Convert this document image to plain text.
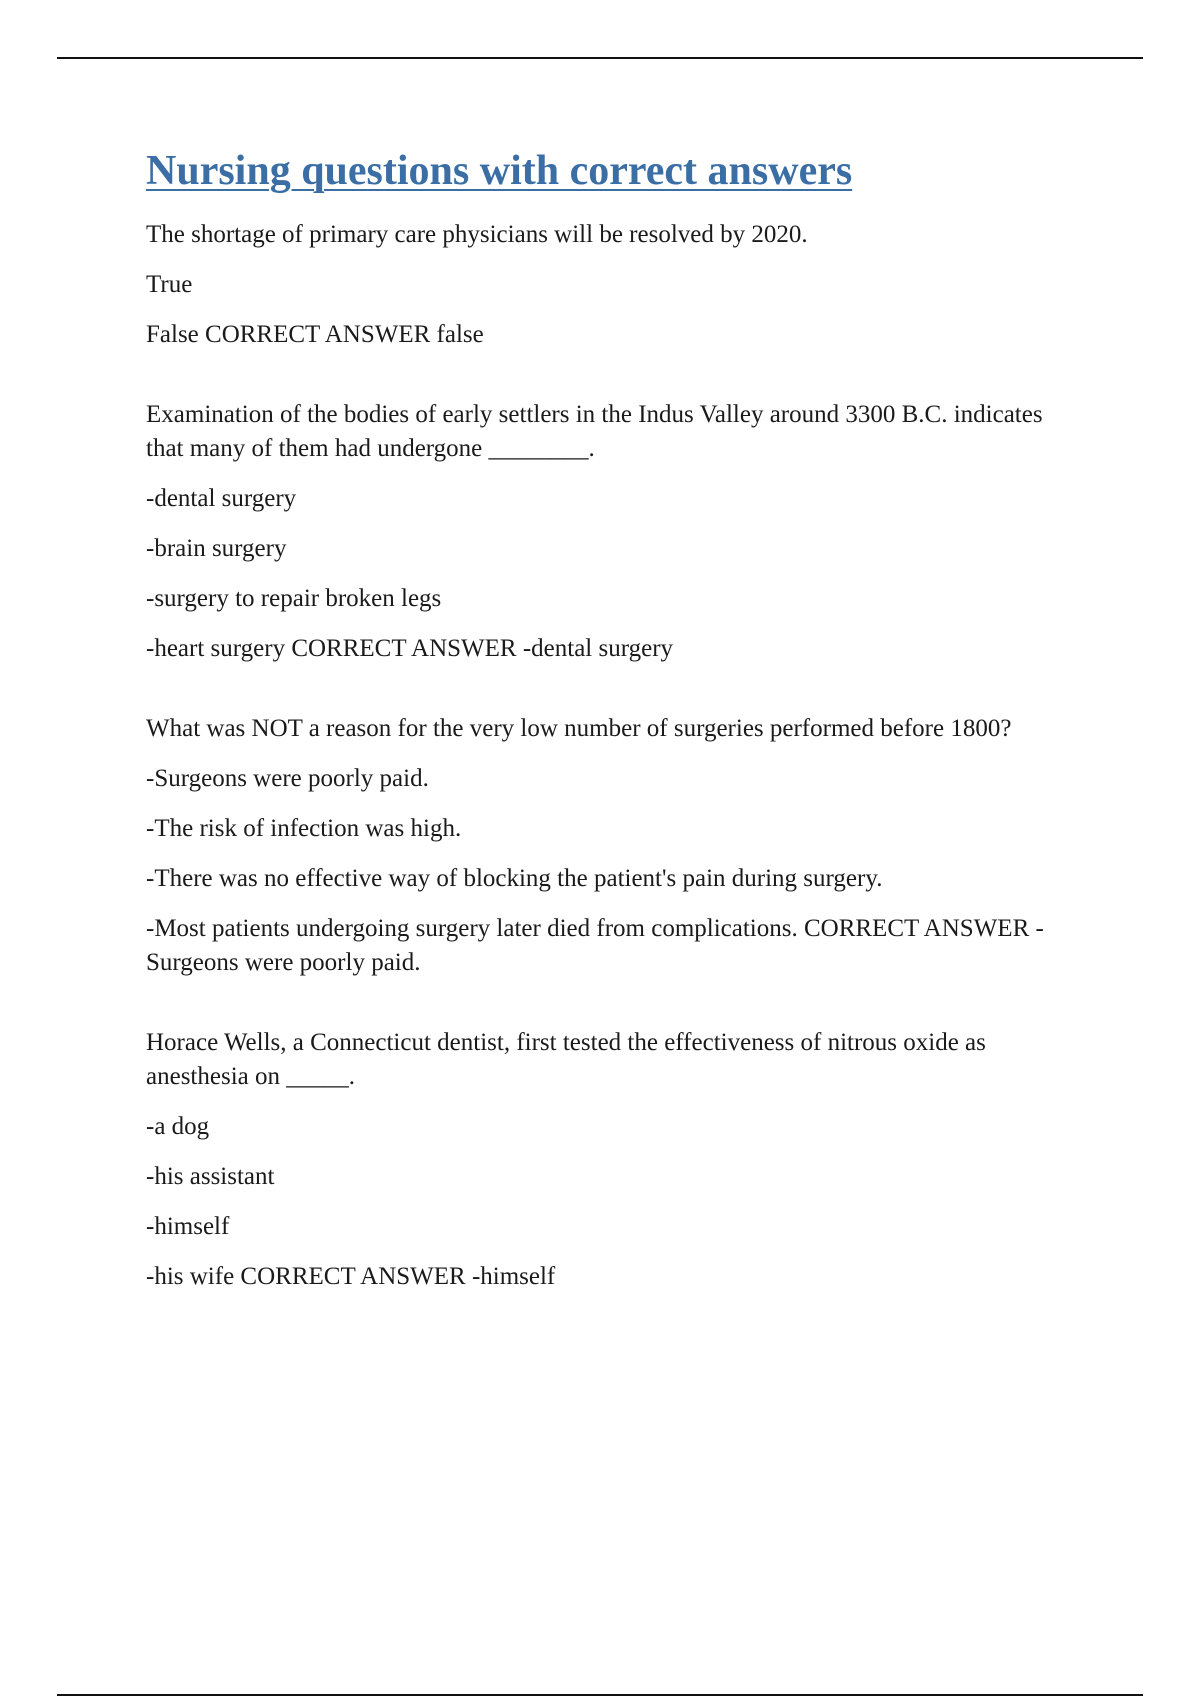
Nursing questions with correct answers

The shortage of primary care physicians will be resolved by 2020.

True

False CORRECT ANSWER false

Examination of the bodies of early settlers in the Indus Valley around 3300 B.C. indicates that many of them had undergone ________.

-dental surgery

-brain surgery

-surgery to repair broken legs

-heart surgery CORRECT ANSWER -dental surgery

What was NOT a reason for the very low number of surgeries performed before 1800?

-Surgeons were poorly paid.

-The risk of infection was high.

-There was no effective way of blocking the patient's pain during surgery.

-Most patients undergoing surgery later died from complications. CORRECT ANSWER -Surgeons were poorly paid.

Horace Wells, a Connecticut dentist, first tested the effectiveness of nitrous oxide as anesthesia on _____.

-a dog

-his assistant

-himself

-his wife CORRECT ANSWER -himself
